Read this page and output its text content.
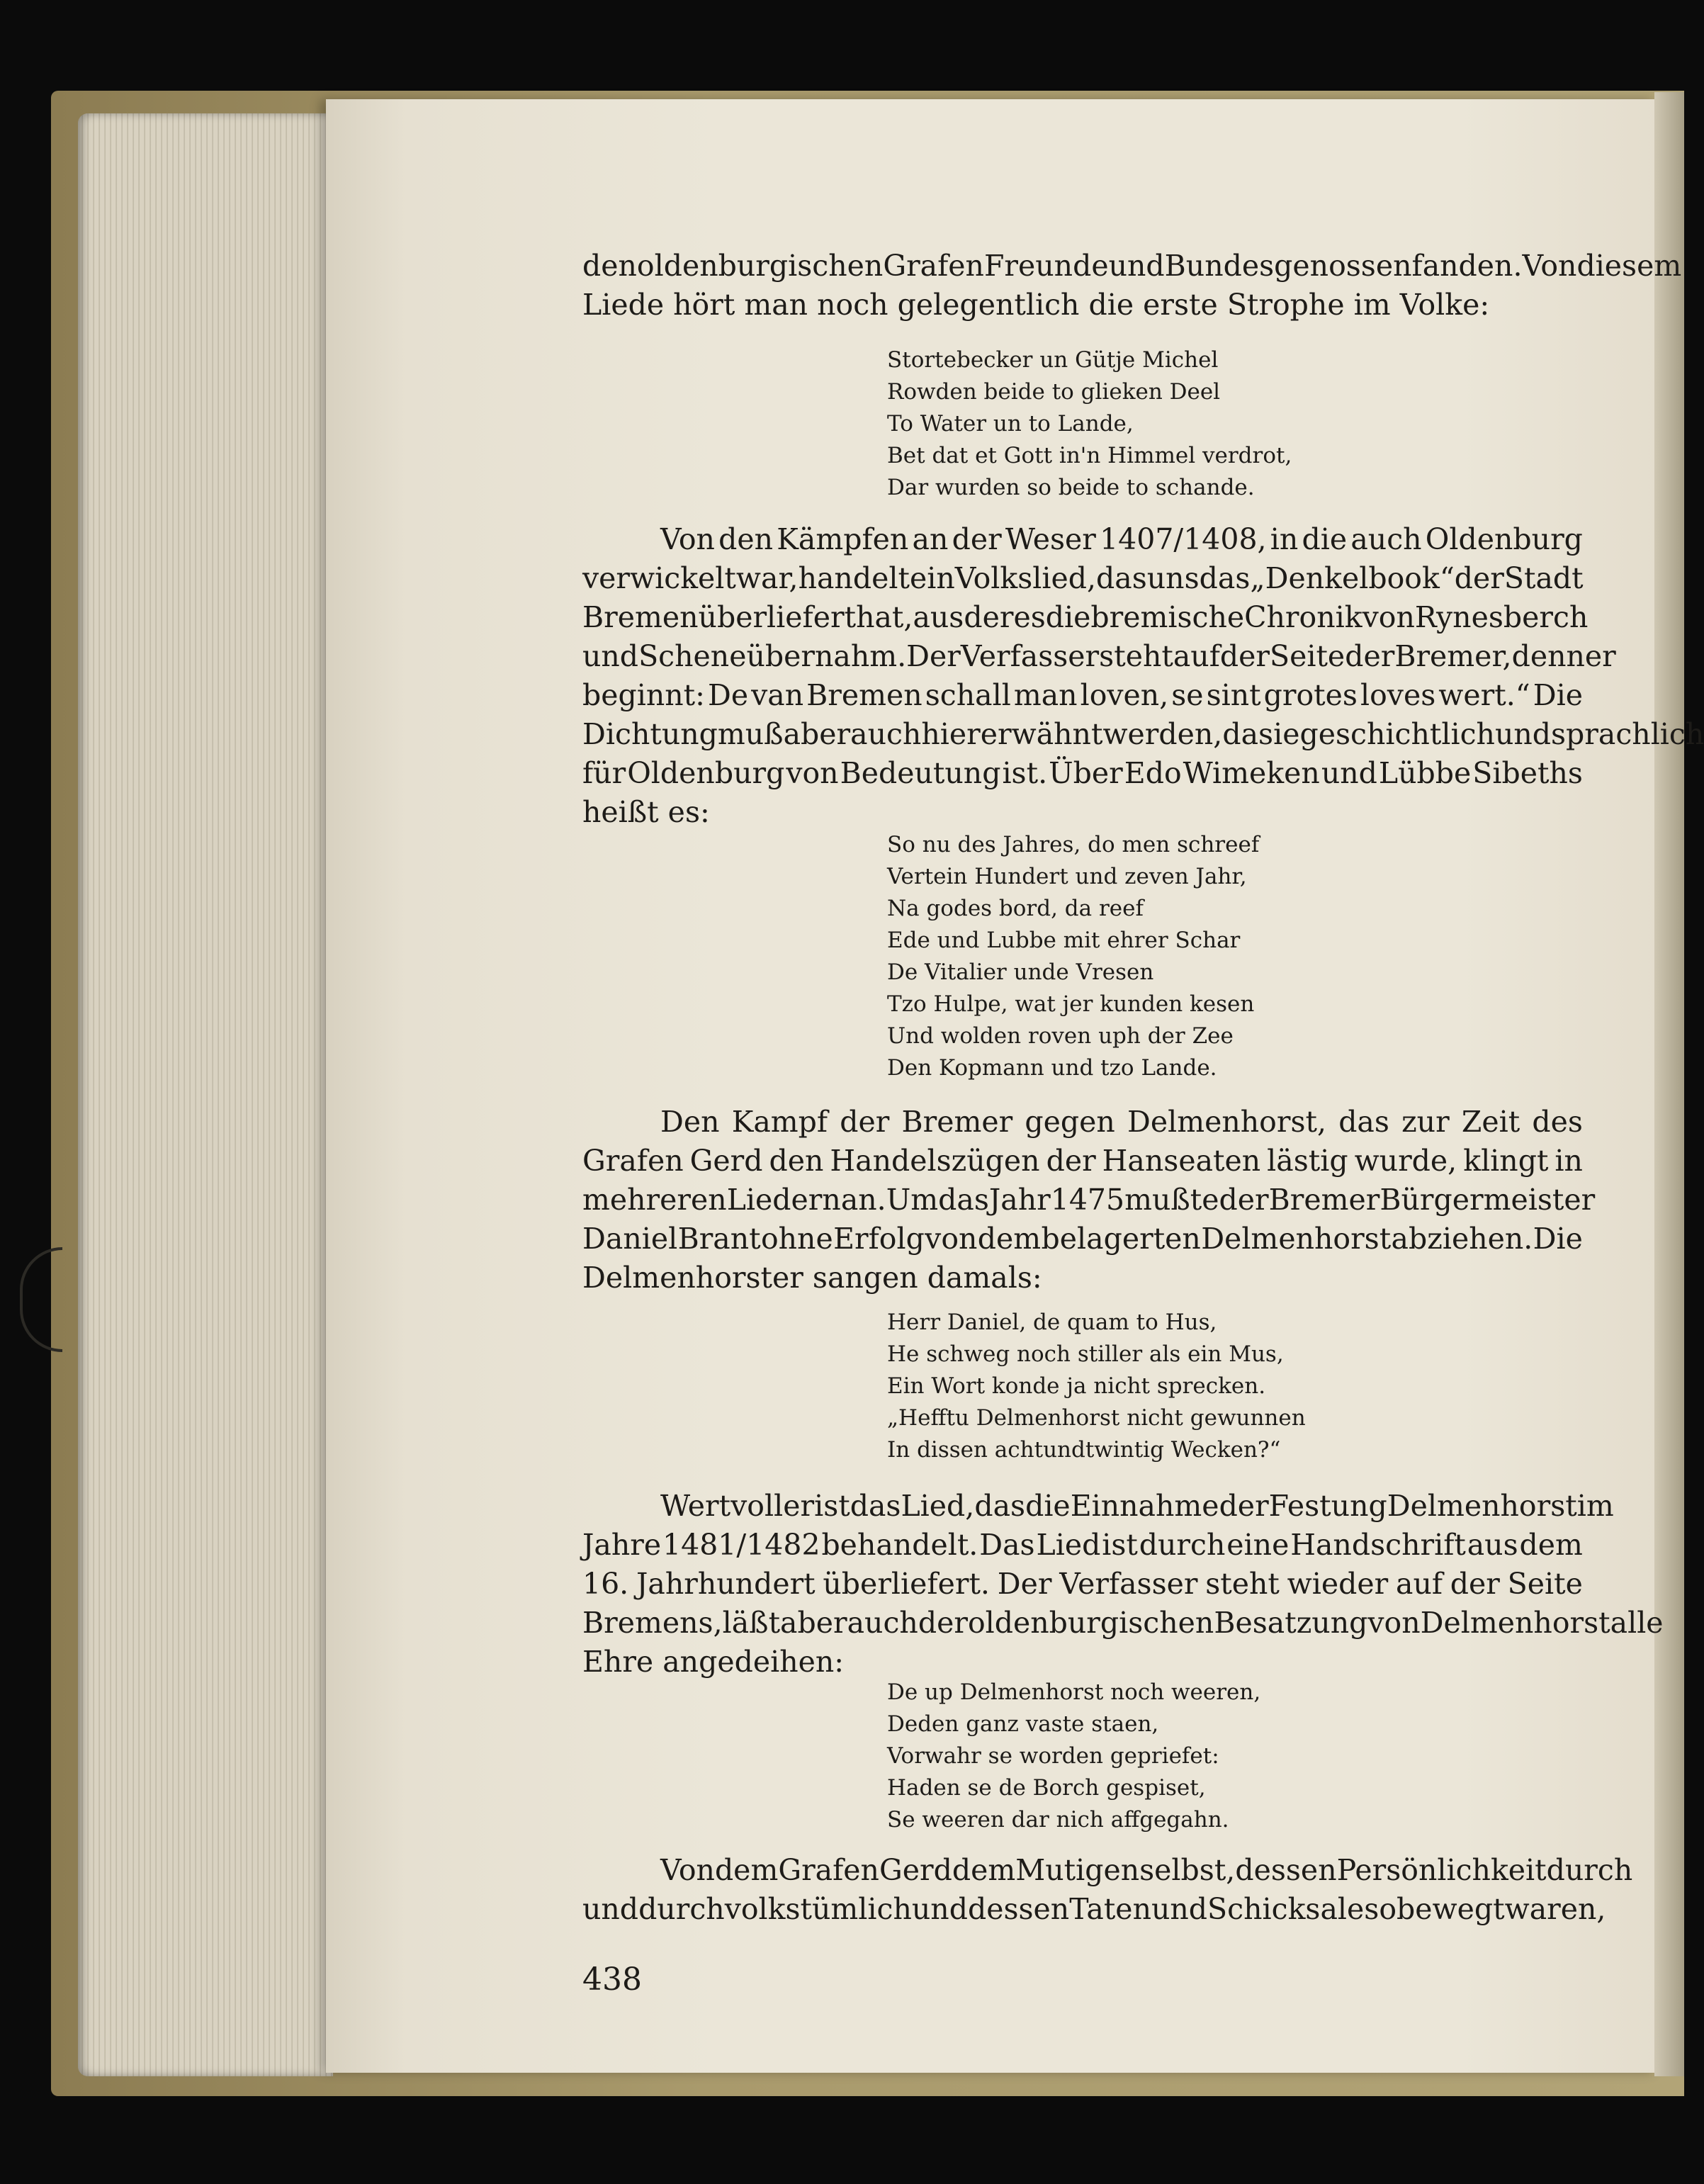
den oldenburgischen Grafen Freunde und Bundesgenossen fanden. Von diesem
Liede hört man noch gelegentlich die erste Strophe im Volke:
Stortebecker un Gütje Michel
Rowden beide to glieken Deel
To Water un to Lande,
Bet dat et Gott in'n Himmel verdrot,
Dar wurden so beide to schande.
Von den Kämpfen an der Weser 1407/1408, in die auch Oldenburg
verwickelt war, handelt ein Volkslied, das uns das „Denkelbook“ der Stadt
Bremen überliefert hat, aus der es die bremische Chronik von Rynesberch
und Schene übernahm. Der Verfasser steht auf der Seite der Bremer, denn er
beginnt: De van Bremen schall man loven, se sint grotes loves wert.“ Die
Dichtung muß aber auch hier erwähnt werden, da sie geschichtlich und sprachlich
für Oldenburg von Bedeutung ist. Über Edo Wimeken und Lübbe Sibeths
heißt es:
So nu des Jahres, do men schreef
Vertein Hundert und zeven Jahr,
Na godes bord, da reef
Ede und Lubbe mit ehrer Schar
De Vitalier unde Vresen
Tzo Hulpe, wat jer kunden kesen
Und wolden roven uph der Zee
Den Kopmann und tzo Lande.
Den Kampf der Bremer gegen Delmenhorst, das zur Zeit des
Grafen Gerd den Handelszügen der Hanseaten lästig wurde, klingt in
mehreren Liedern an. Um das Jahr 1475 mußte der Bremer Bürgermeister
Daniel Brant ohne Erfolg von dem belagerten Delmenhorst abziehen. Die
Delmenhorster sangen damals:
Herr Daniel, de quam to Hus,
He schweg noch stiller als ein Mus,
Ein Wort konde ja nicht sprecken.
„Hefftu Delmenhorst nicht gewunnen
In dissen achtundtwintig Wecken?“
Wertvoller ist das Lied, das die Einnahme der Festung Delmenhorst im
Jahre 1481/1482 behandelt. Das Lied ist durch eine Handschrift aus dem
16. Jahrhundert überliefert. Der Verfasser steht wieder auf der Seite
Bremens, läßt aber auch der oldenburgischen Besatzung von Delmenhorst alle
Ehre angedeihen:
De up Delmenhorst noch weeren,
Deden ganz vaste staen,
Vorwahr se worden gepriefet:
Haden se de Borch gespiset,
Se weeren dar nich affgegahn.
Von dem Grafen Gerd dem Mutigen selbst, dessen Persönlichkeit durch
und durch volkstümlich und dessen Taten und Schicksale so bewegt waren,
438
